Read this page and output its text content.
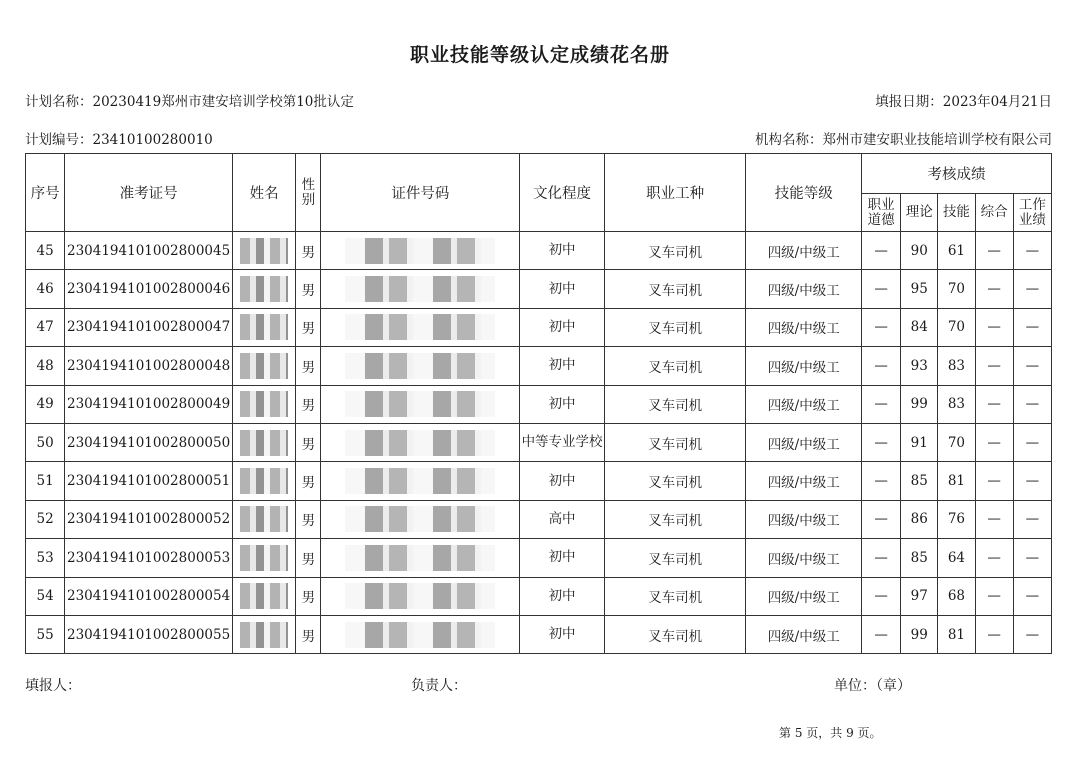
职业技能等级认定成绩花名册
计划名称：20230419郑州市建安培训学校第10批认定	填报日期：2023年04月21日
计划编号：23410100280010	机构名称：郑州市建安职业技能培训学校有限公司
序号	准考证号	姓名	性别	证件号码	文化程度	职业工种	技能等级	考核成绩				
								职业道德	理论	技能	综合	工作业绩
45	2304194101002800045		男		初中	叉车司机	四级/中级工	—	90	61	—	—
46	2304194101002800046		男		初中	叉车司机	四级/中级工	—	95	70	—	—
47	2304194101002800047		男		初中	叉车司机	四级/中级工	—	84	70	—	—
48	2304194101002800048		男		初中	叉车司机	四级/中级工	—	93	83	—	—
49	2304194101002800049		男		初中	叉车司机	四级/中级工	—	99	83	—	—
50	2304194101002800050		男		中等专业学校	叉车司机	四级/中级工	—	91	70	—	—
51	2304194101002800051		男		初中	叉车司机	四级/中级工	—	85	81	—	—
52	2304194101002800052		男		高中	叉车司机	四级/中级工	—	86	76	—	—
53	2304194101002800053		男		初中	叉车司机	四级/中级工	—	85	64	—	—
54	2304194101002800054		男		初中	叉车司机	四级/中级工	—	97	68	—	—
55	2304194101002800055		男		初中	叉车司机	四级/中级工	—	99	81	—	—
填报人：	负责人：	单位：（章）
第 5 页，共 9 页。
